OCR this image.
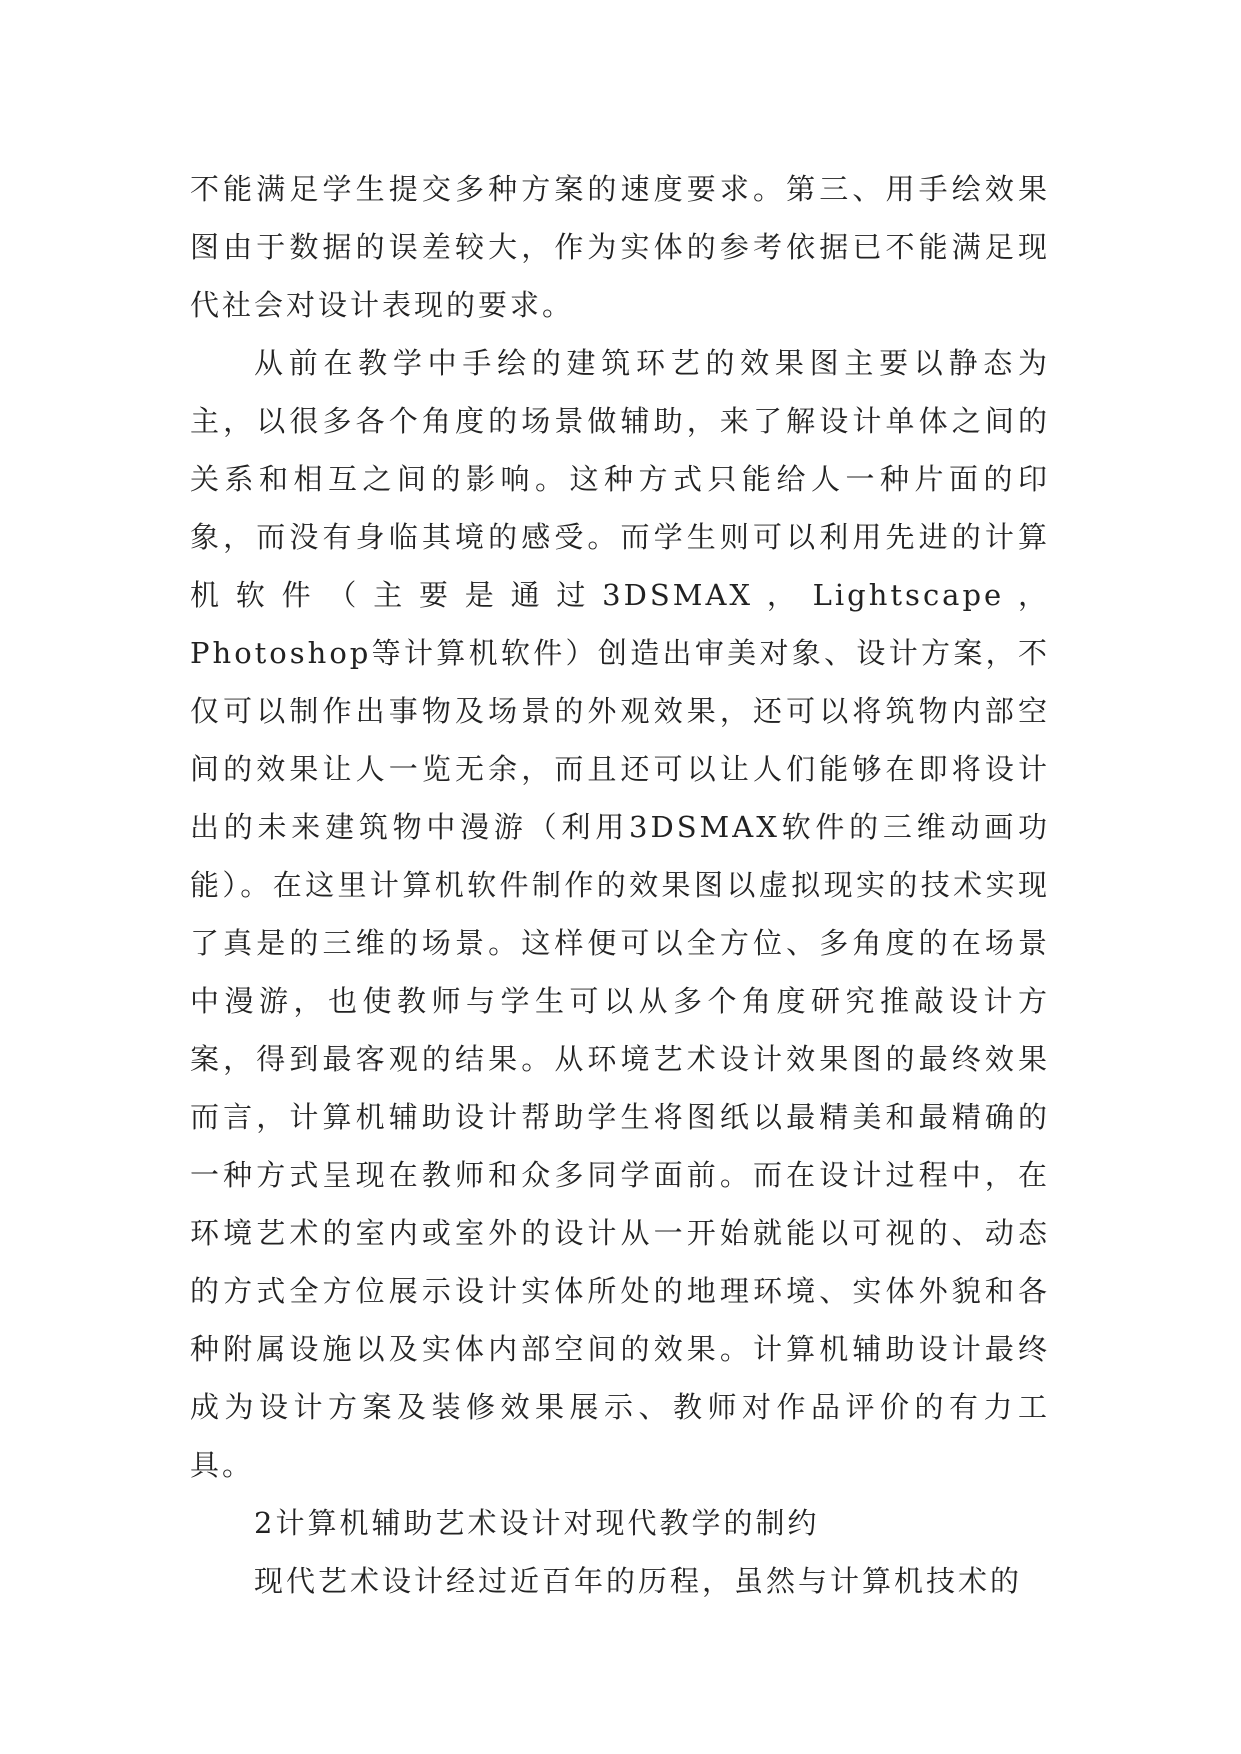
不能满足学生提交多种方案的速度要求。第三、用手绘效果图由于数据的误差较大，作为实体的参考依据已不能满足现代社会对设计表现的要求。

从前在教学中手绘的建筑环艺的效果图主要以静态为主，以很多各个角度的场景做辅助，来了解设计单体之间的关系和相互之间的影响。这种方式只能给人一种片面的印象，而没有身临其境的感受。而学生则可以利用先进的计算机软件（主要是通过3DSMAX，Lightscape，Photoshop等计算机软件）创造出审美对象、设计方案，不仅可以制作出事物及场景的外观效果，还可以将筑物内部空间的效果让人一览无余，而且还可以让人们能够在即将设计出的未来建筑物中漫游（利用3DSMAX软件的三维动画功能）。在这里计算机软件制作的效果图以虚拟现实的技术实现了真是的三维的场景。这样便可以全方位、多角度的在场景中漫游，也使教师与学生可以从多个角度研究推敲设计方案，得到最客观的结果。从环境艺术设计效果图的最终效果而言，计算机辅助设计帮助学生将图纸以最精美和最精确的一种方式呈现在教师和众多同学面前。而在设计过程中，在环境艺术的室内或室外的设计从一开始就能以可视的、动态的方式全方位展示设计实体所处的地理环境、实体外貌和各种附属设施以及实体内部空间的效果。计算机辅助设计最终成为设计方案及装修效果展示、教师对作品评价的有力工具。

2计算机辅助艺术设计对现代教学的制约

现代艺术设计经过近百年的历程，虽然与计算机技术的
